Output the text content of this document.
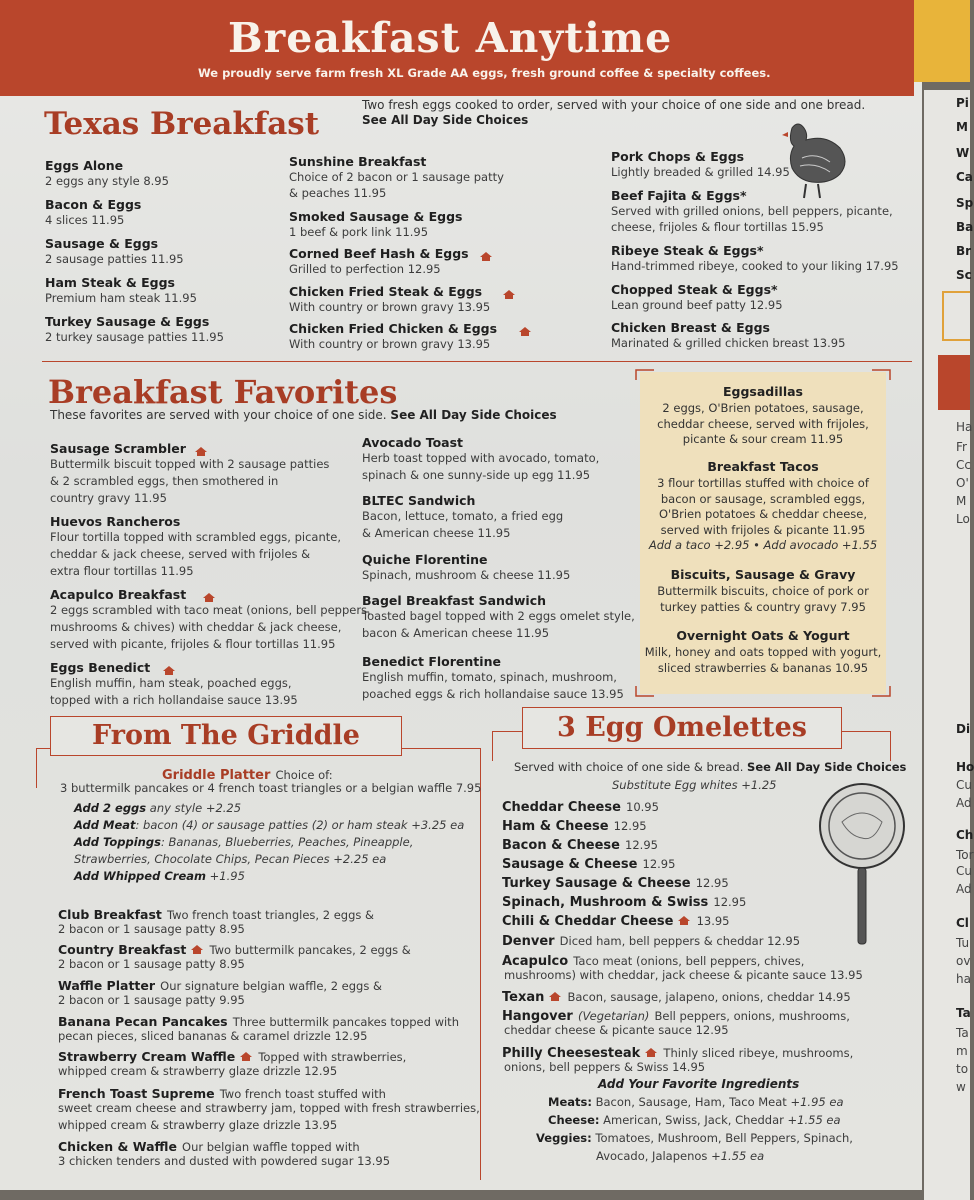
Breakfast Anytime
We proudly serve farm fresh XL Grade AA eggs, fresh ground coffee & specialty coffees.
Texas Breakfast
Two fresh eggs cooked to order, served with your choice of one side and one bread.
See All Day Side Choices
Eggs Alone
2 eggs any style 8.95
Bacon & Eggs
4 slices 11.95
Sausage & Eggs
2 sausage patties 11.95
Ham Steak & Eggs
Premium ham steak 11.95
Turkey Sausage & Eggs
2 turkey sausage patties 11.95
Sunshine Breakfast
Choice of 2 bacon or 1 sausage patty
& peaches 11.95
Smoked Sausage & Eggs
1 beef & pork link 11.95
Corned Beef Hash & Eggs
Grilled to perfection 12.95
Chicken Fried Steak & Eggs
With country or brown gravy 13.95
Chicken Fried Chicken & Eggs
With country or brown gravy 13.95
Pork Chops & Eggs
Lightly breaded & grilled 14.95
Beef Fajita & Eggs*
Served with grilled onions, bell peppers, picante,
cheese, frijoles & flour tortillas 15.95
Ribeye Steak & Eggs*
Hand-trimmed ribeye, cooked to your liking 17.95
Chopped Steak & Eggs*
Lean ground beef patty 12.95
Chicken Breast & Eggs
Marinated & grilled chicken breast 13.95
Breakfast Favorites
These favorites are served with your choice of one side. See All Day Side Choices
Sausage Scrambler
Buttermilk biscuit topped with 2 sausage patties
& 2 scrambled eggs, then smothered in
country gravy 11.95
Huevos Rancheros
Flour tortilla topped with scrambled eggs, picante,
cheddar & jack cheese, served with frijoles &
extra flour tortillas 11.95
Acapulco Breakfast
2 eggs scrambled with taco meat (onions, bell peppers,
mushrooms & chives) with cheddar & jack cheese,
served with picante, frijoles & flour tortillas 11.95
Eggs Benedict
English muffin, ham steak, poached eggs,
topped with a rich hollandaise sauce 13.95
Avocado Toast
Herb toast topped with avocado, tomato,
spinach & one sunny-side up egg 11.95
BLTEC Sandwich
Bacon, lettuce, tomato, a fried egg
& American cheese 11.95
Quiche Florentine
Spinach, mushroom & cheese 11.95
Bagel Breakfast Sandwich
Toasted bagel topped with 2 eggs omelet style,
bacon & American cheese 11.95
Benedict Florentine
English muffin, tomato, spinach, mushroom,
poached eggs & rich hollandaise sauce 13.95
Eggsadillas
2 eggs, O'Brien potatoes, sausage,
cheddar cheese, served with frijoles,
picante & sour cream 11.95
Breakfast Tacos
3 flour tortillas stuffed with choice of
bacon or sausage, scrambled eggs,
O'Brien potatoes & cheddar cheese,
served with frijoles & picante 11.95
Add a taco +2.95 • Add avocado +1.55
Biscuits, Sausage & Gravy
Buttermilk biscuits, choice of pork or
turkey patties & country gravy 7.95
Overnight Oats & Yogurt
Milk, honey and oats topped with yogurt,
sliced strawberries & bananas 10.95
From The Griddle
Griddle Platter Choice of:
3 buttermilk pancakes or 4 french toast triangles or a belgian waffle 7.95
Add 2 eggs any style +2.25
Add Meat: bacon (4) or sausage patties (2) or ham steak +3.25 ea
Add Toppings: Bananas, Blueberries, Peaches, Pineapple,
Strawberries, Chocolate Chips, Pecan Pieces +2.25 ea
Add Whipped Cream +1.95
Club Breakfast Two french toast triangles, 2 eggs &
2 bacon or 1 sausage patty 8.95
Country Breakfast Two buttermilk pancakes, 2 eggs &
2 bacon or 1 sausage patty 8.95
Waffle Platter Our signature belgian waffle, 2 eggs &
2 bacon or 1 sausage patty 9.95
Banana Pecan Pancakes Three buttermilk pancakes topped with
pecan pieces, sliced bananas & caramel drizzle 12.95
Strawberry Cream Waffle Topped with strawberries,
whipped cream & strawberry glaze drizzle 12.95
French Toast Supreme Two french toast stuffed with
sweet cream cheese and strawberry jam, topped with fresh strawberries,
whipped cream & strawberry glaze drizzle 13.95
Chicken & Waffle Our belgian waffle topped with
3 chicken tenders and dusted with powdered sugar 13.95
3 Egg Omelettes
Served with choice of one side & bread. See All Day Side Choices
Substitute Egg whites +1.25
Cheddar Cheese 10.95
Ham & Cheese 12.95
Bacon & Cheese 12.95
Sausage & Cheese 12.95
Turkey Sausage & Cheese 12.95
Spinach, Mushroom & Swiss 12.95
Chili & Cheddar Cheese 13.95
Denver Diced ham, bell peppers & cheddar 12.95
Acapulco Taco meat (onions, bell peppers, chives,
mushrooms) with cheddar, jack cheese & picante sauce 13.95
Texan Bacon, sausage, jalapeno, onions, cheddar 14.95
Hangover (Vegetarian) Bell peppers, onions, mushrooms,
cheddar cheese & picante sauce 12.95
Philly Cheesesteak Thinly sliced ribeye, mushrooms,
onions, bell peppers & Swiss 14.95
Add Your Favorite Ingredients
Meats: Bacon, Sausage, Ham, Taco Meat +1.95 ea
Cheese: American, Swiss, Jack, Cheddar +1.55 ea
Veggies: Tomatoes, Mushroom, Bell Peppers, Spinach,
Avocado, Jalapenos +1.55 ea
Pi
M
W
Ca
Sp
Ba
Br
Sc
Ha
Fr
Cc
O'
M
Lo
Di
Ho
Cu
Ad
Ch
Tor
Cu
Ad
Cl
Tu
ov
ha
Ta
Ta
m
to
w
